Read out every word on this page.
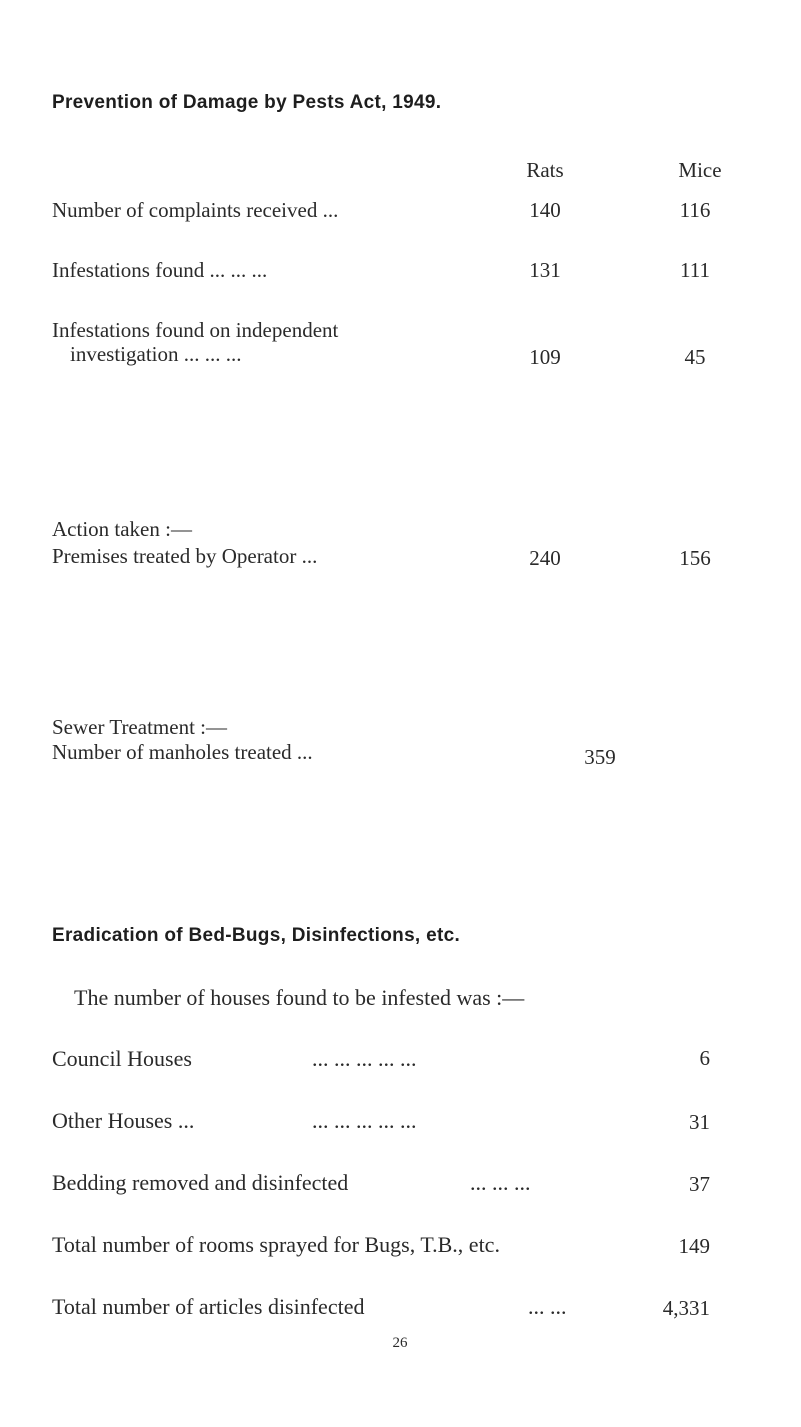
Prevention of Damage by Pests Act, 1949.
Rats	Mice
Number of complaints received ...	140	116
Infestations found ... ... ...	131	111
Infestations found on independent
investigation ... ... ...	109	45
Action taken :—
Premises treated by Operator ...	240	156
Sewer Treatment :—
Number of manholes treated ...	359
Eradication of Bed-Bugs, Disinfections, etc.
The number of houses found to be infested was :—
Council Houses	... ... ... ... ...	6
Other Houses ...	... ... ... ... ...	31
Bedding removed and disinfected	... ... ...	37
Total number of rooms sprayed for Bugs, T.B., etc.	149
Total number of articles disinfected	... ...	4,331
26
